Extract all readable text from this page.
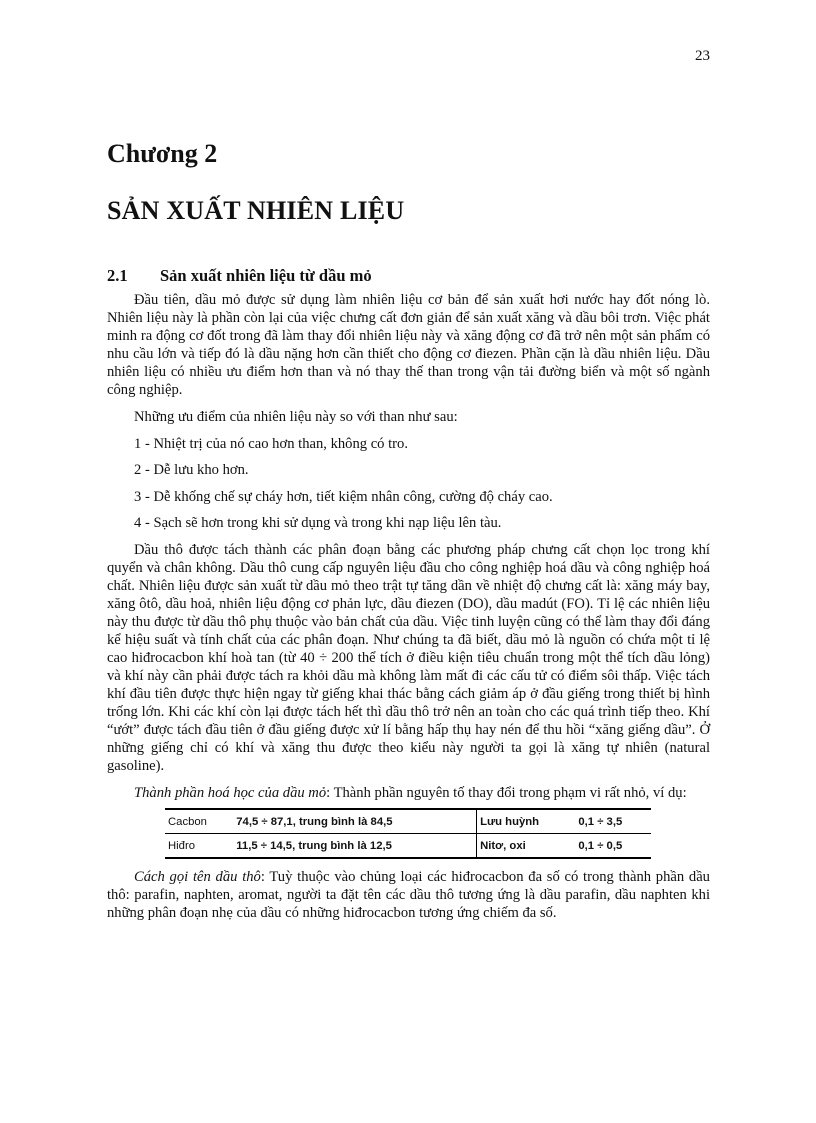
23
Chương 2
SẢN XUẤT NHIÊN LIỆU
2.1 Sản xuất nhiên liệu từ dầu mỏ

Đầu tiên, dầu mỏ được sử dụng làm nhiên liệu cơ bản để sản xuất hơi nước hay đốt nóng lò. Nhiên liệu này là phần còn lại của việc chưng cất đơn giản để sản xuất xăng và dầu bôi trơn. Việc phát minh ra động cơ đốt trong đã làm thay đổi nhiên liệu này và xăng động cơ đã trở nên một sản phẩm có nhu cầu lớn và tiếp đó là dầu nặng hơn cần thiết cho động cơ điezen. Phần cặn là dầu nhiên liệu. Dầu nhiên liệu có nhiều ưu điểm hơn than và nó thay thế than trong vận tải đường biển và một số ngành công nghiệp.

Những ưu điểm của nhiên liệu này so với than như sau:

1 - Nhiệt trị của nó cao hơn than, không có tro.

2 - Dễ lưu kho hơn.

3 - Dễ khống chế sự cháy hơn, tiết kiệm nhân công, cường độ cháy cao.

4 - Sạch sẽ hơn trong khi sử dụng và trong khi nạp liệu lên tàu.

Dầu thô được tách thành các phân đoạn bằng các phương pháp chưng cất chọn lọc trong khí quyển và chân không. Dầu thô cung cấp nguyên liệu đầu cho công nghiệp hoá dầu và công nghiệp hoá chất. Nhiên liệu được sản xuất từ dầu mỏ theo trật tự tăng dần về nhiệt độ chưng cất là: xăng máy bay, xăng ôtô, dầu hoả, nhiên liệu động cơ phản lực, dầu điezen (DO), dầu madút (FO). Tỉ lệ các nhiên liệu này thu được từ dầu thô phụ thuộc vào bản chất của dầu. Việc tinh luyện cũng có thể làm thay đổi đáng kể hiệu suất và tính chất của các phân đoạn. Như chúng ta đã biết, dầu mỏ là nguồn có chứa một tỉ lệ cao hiđrocacbon khí hoà tan (từ 40 ÷ 200 thể tích ở điều kiện tiêu chuẩn trong một thể tích dầu lỏng) và khí này cần phải được tách ra khỏi dầu mà không làm mất đi các cấu tử có điểm sôi thấp. Việc tách khí đầu tiên được thực hiện ngay từ giếng khai thác bằng cách giảm áp ở đầu giếng trong thiết bị hình trống lớn. Khi các khí còn lại được tách hết thì dầu thô trở nên an toàn cho các quá trình tiếp theo. Khí “ướt” được tách đầu tiên ở đầu giếng được xử lí bằng hấp thụ hay nén để thu hồi “xăng giếng dầu”. Ở những giếng chỉ có khí và xăng thu được theo kiểu này người ta gọi là xăng tự nhiên (natural gasoline).

Thành phần hoá học của dầu mỏ: Thành phần nguyên tố thay đổi trong phạm vi rất nhỏ, ví dụ:

Cacbon	74,5 ÷ 87,1, trung bình là 84,5	Lưu huỳnh	0,1 ÷ 3,5
Hiđro	11,5 ÷ 14,5, trung bình là 12,5	Nitơ, oxi	0,1 ÷ 0,5

Cách gọi tên dầu thô: Tuỳ thuộc vào chủng loại các hiđrocacbon đa số có trong thành phần dầu thô: parafin, naphten, aromat, người ta đặt tên các dầu thô tương ứng là dầu parafin, dầu naphten khi những phân đoạn nhẹ của dầu có những hiđrocacbon tương ứng chiếm đa số.
